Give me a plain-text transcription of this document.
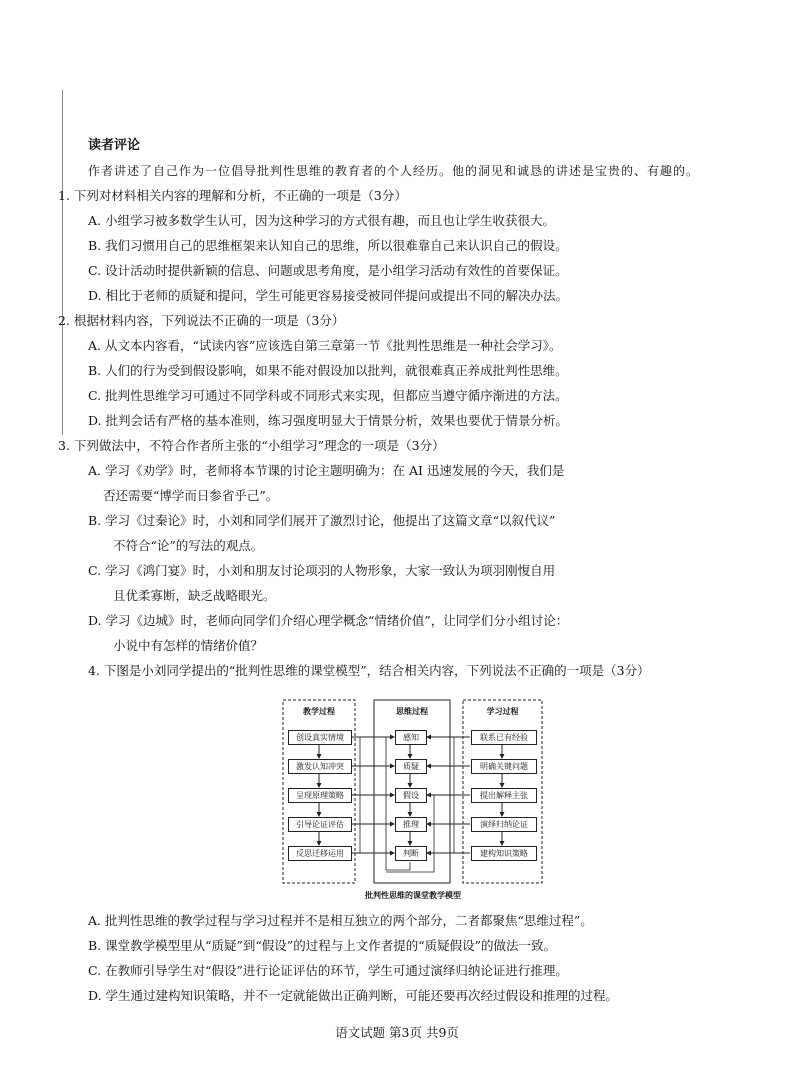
读者评论
作者讲述了自己作为一位倡导批判性思维的教育者的个人经历。他的洞见和诚恳的讲述是宝贵的、有趣的。
1. 下列对材料相关内容的理解和分析，不正确的一项是（3分）
A. 小组学习被多数学生认可，因为这种学习的方式很有趣，而且也让学生收获很大。
B. 我们习惯用自己的思维框架来认知自己的思维，所以很难靠自己来认识自己的假设。
C. 设计活动时提供新颖的信息、问题或思考角度，是小组学习活动有效性的首要保证。
D. 相比于老师的质疑和提问，学生可能更容易接受被同伴提问或提出不同的解决办法。
2. 根据材料内容，下列说法不正确的一项是（3分）
A. 从文本内容看，“试读内容”应该选自第三章第一节《批判性思维是一种社会学习》。
B. 人们的行为受到假设影响，如果不能对假设加以批判，就很难真正养成批判性思维。
C. 批判性思维学习可通过不同学科或不同形式来实现，但都应当遵守循序渐进的方法。
D. 批判会话有严格的基本准则，练习强度明显大于情景分析，效果也要优于情景分析。
3. 下列做法中，不符合作者所主张的“小组学习”理念的一项是（3分）
A. 学习《劝学》时，老师将本节课的讨论主题明确为：在 AI 迅速发展的今天，我们是
否还需要“博学而日参省乎己”。
B. 学习《过秦论》时，小刘和同学们展开了激烈讨论，他提出了这篇文章“以叙代议”
不符合“论”的写法的观点。
C. 学习《鸿门宴》时，小刘和朋友讨论项羽的人物形象，大家一致认为项羽刚愎自用
且优柔寡断，缺乏战略眼光。
D. 学习《边城》时，老师向同学们介绍心理学概念“情绪价值”，让同学们分小组讨论：
小说中有怎样的情绪价值？
4. 下图是小刘同学提出的“批判性思维的课堂模型”，结合相关内容，下列说法不正确的一项是（3分）
教学过程	思维过程	学习过程
创设真实情境
激发认知冲突
呈现原理策略
引导论证评估
反思迁移运用
感知
质疑
假设
推理
判断
联系已有经验
明确关键问题
提出解释主张
演绎归纳论证
建构知识策略
批判性思维的课堂教学模型
A. 批判性思维的教学过程与学习过程并不是相互独立的两个部分，二者都聚焦“思维过程”。
B. 课堂教学模型里从“质疑”到“假设”的过程与上文作者提的“质疑假设”的做法一致。
C. 在教师引导学生对“假设”进行论证评估的环节，学生可通过演绎归纳论证进行推理。
D. 学生通过建构知识策略，并不一定就能做出正确判断，可能还要再次经过假设和推理的过程。
语文试题 第3页 共9页
